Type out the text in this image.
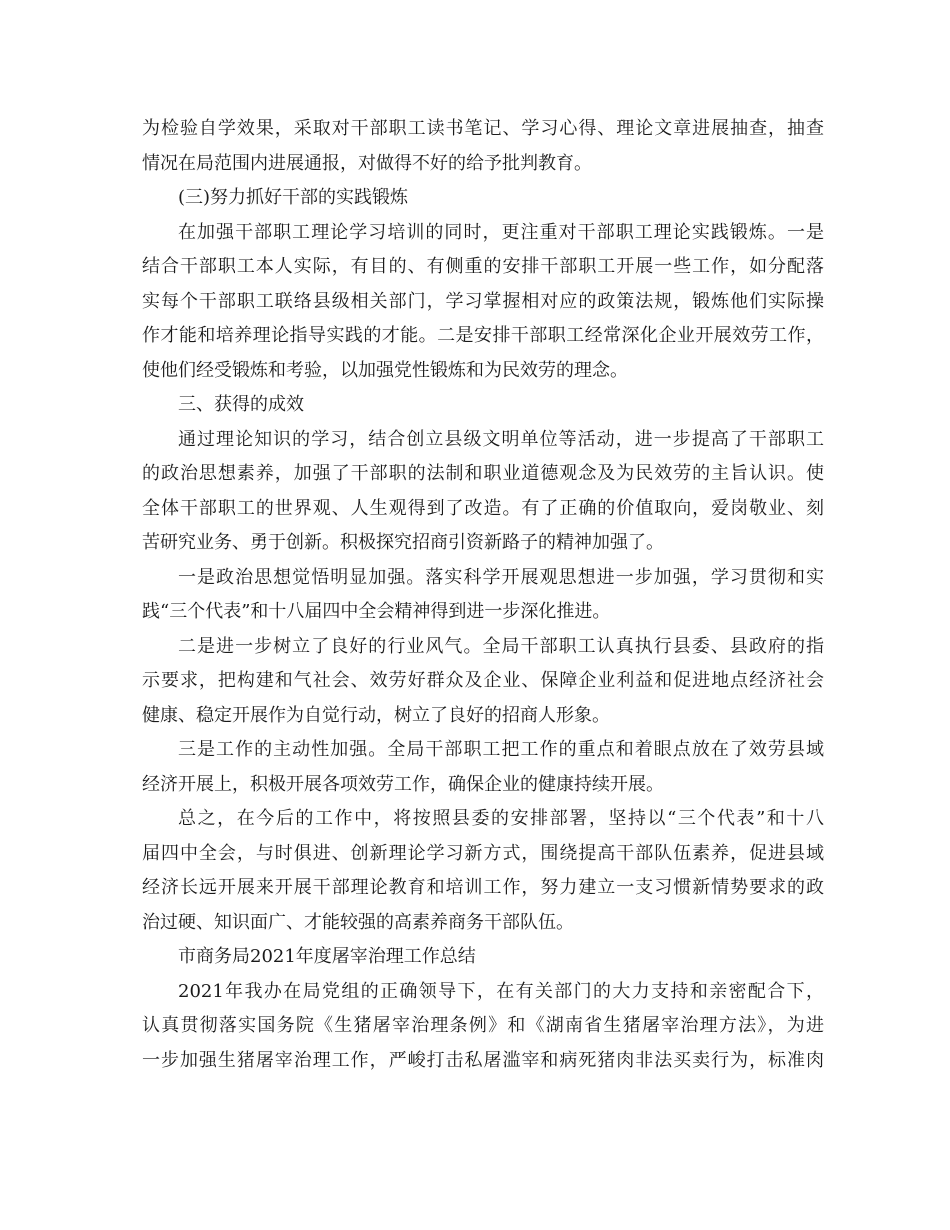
为检验自学效果，采取对干部职工读书笔记、学习心得、理论文章进展抽查，抽查
情况在局范围内进展通报，对做得不好的给予批判教育。
(三)努力抓好干部的实践锻炼
在加强干部职工理论学习培训的同时，更注重对干部职工理论实践锻炼。一是
结合干部职工本人实际，有目的、有侧重的安排干部职工开展一些工作，如分配落
实每个干部职工联络县级相关部门，学习掌握相对应的政策法规，锻炼他们实际操
作才能和培养理论指导实践的才能。二是安排干部职工经常深化企业开展效劳工作，
使他们经受锻炼和考验，以加强党性锻炼和为民效劳的理念。
三、获得的成效
通过理论知识的学习，结合创立县级文明单位等活动，进一步提高了干部职工
的政治思想素养，加强了干部职的法制和职业道德观念及为民效劳的主旨认识。使
全体干部职工的世界观、人生观得到了改造。有了正确的价值取向，爱岗敬业、刻
苦研究业务、勇于创新。积极探究招商引资新路子的精神加强了。
一是政治思想觉悟明显加强。落实科学开展观思想进一步加强，学习贯彻和实
践“三个代表”和十八届四中全会精神得到进一步深化推进。
二是进一步树立了良好的行业风气。全局干部职工认真执行县委、县政府的指
示要求，把构建和气社会、效劳好群众及企业、保障企业利益和促进地点经济社会
健康、稳定开展作为自觉行动，树立了良好的招商人形象。
三是工作的主动性加强。全局干部职工把工作的重点和着眼点放在了效劳县域
经济开展上，积极开展各项效劳工作，确保企业的健康持续开展。
总之，在今后的工作中，将按照县委的安排部署，坚持以“三个代表”和十八
届四中全会，与时俱进、创新理论学习新方式，围绕提高干部队伍素养，促进县域
经济长远开展来开展干部理论教育和培训工作，努力建立一支习惯新情势要求的政
治过硬、知识面广、才能较强的高素养商务干部队伍。
市商务局2021年度屠宰治理工作总结
2021年我办在局党组的正确领导下，在有关部门的大力支持和亲密配合下，
认真贯彻落实国务院《生猪屠宰治理条例》和《湖南省生猪屠宰治理方法》，为进
一步加强生猪屠宰治理工作，严峻打击私屠滥宰和病死猪肉非法买卖行为，标准肉
